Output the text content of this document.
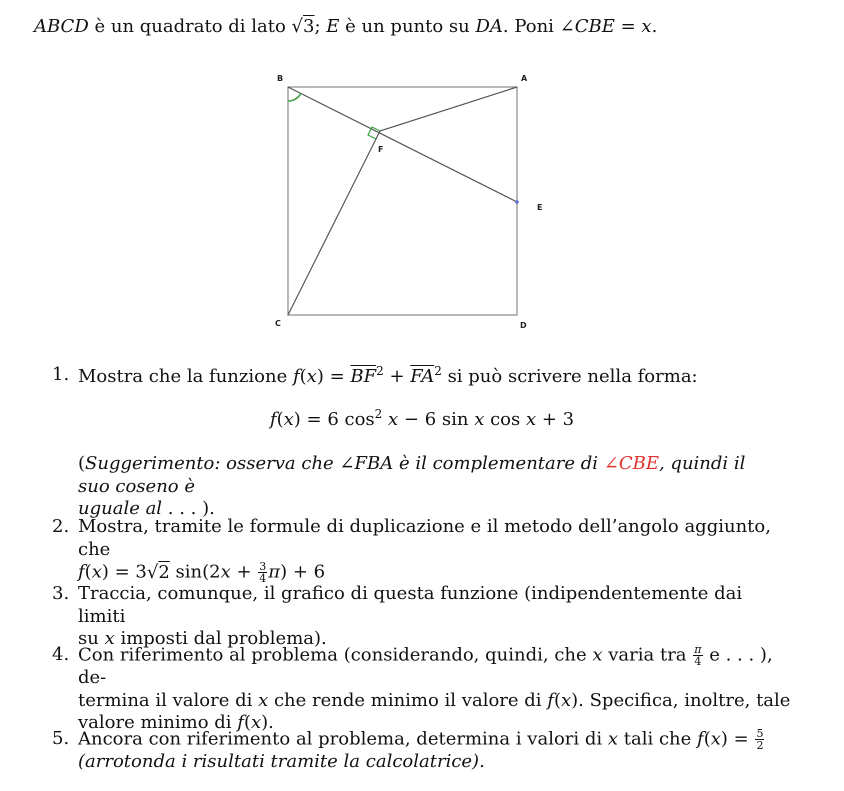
ABCD è un quadrato di lato √3; E è un punto su DA. Poni ∠CBE = x.
B	A
F
E
C	D
1. Mostra che la funzione $f(x) = \overline{BF}^2 + \overline{FA}^2$ si può scrivere nella forma:
f(x) = 6 $\cos^2 x - 6$ sin x cos x + 3
(Suggerimento: osserva che ∠FBA è il complementare di ∠CBE, quindi il suo coseno è
uguale al . . . ).
2. Mostra, tramite le formule di duplicazione e il metodo dell’angolo aggiunto, che
f(x) = 3√2 $\sin(2x + \frac{3}{4} \pi) + 6$
3. Traccia, comunque, il grafico di questa funzione (indipendentemente dai limiti
su x imposti dal problema).
4. Con riferimento al problema (considerando, quindi, che x varia tra $\frac{\pi}{4}$ e . . . ), de-
termina il valore di x che rende minimo il valore di f(x). Specifica, inoltre, tale
valore minimo di f(x).
5. Ancora con riferimento al problema, determina i valori di x tali che $f(x) = \frac{5}{2}$

(arrotonda i risultati tramite la calcolatrice).
